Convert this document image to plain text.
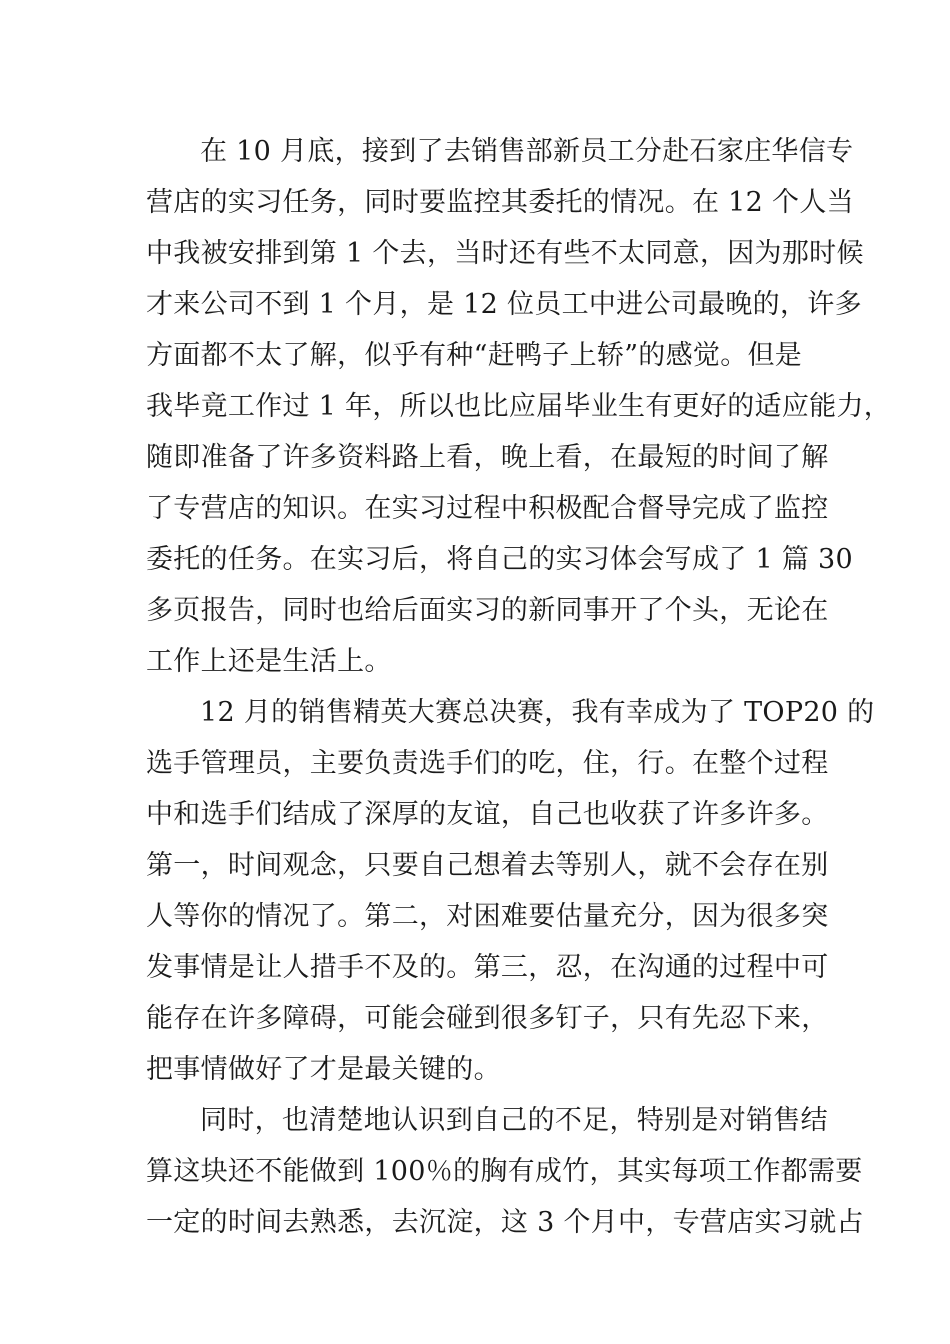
在 10 月底，接到了去销售部新员工分赴石家庄华信专
营店的实习任务，同时要监控其委托的情况。在 12 个人当
中我被安排到第 1 个去，当时还有些不太同意，因为那时候
才来公司不到 1 个月，是 12 位员工中进公司最晚的，许多
方面都不太了解，似乎有种“赶鸭子上轿”的感觉。但是
我毕竟工作过 1 年，所以也比应届毕业生有更好的适应能力，
随即准备了许多资料路上看，晚上看，在最短的时间了解
了专营店的知识。在实习过程中积极配合督导完成了监控
委托的任务。在实习后，将自己的实习体会写成了 1 篇 30
多页报告，同时也给后面实习的新同事开了个头，无论在
工作上还是生活上。
12 月的销售精英大赛总决赛，我有幸成为了 TOP20 的
选手管理员，主要负责选手们的吃，住，行。在整个过程
中和选手们结成了深厚的友谊，自己也收获了许多许多。
第一，时间观念，只要自己想着去等别人，就不会存在别
人等你的情况了。第二，对困难要估量充分，因为很多突
发事情是让人措手不及的。第三，忍，在沟通的过程中可
能存在许多障碍，可能会碰到很多钉子，只有先忍下来，
把事情做好了才是最关键的。
同时，也清楚地认识到自己的不足，特别是对销售结
算这块还不能做到 100％的胸有成竹，其实每项工作都需要
一定的时间去熟悉，去沉淀，这 3 个月中，专营店实习就占
